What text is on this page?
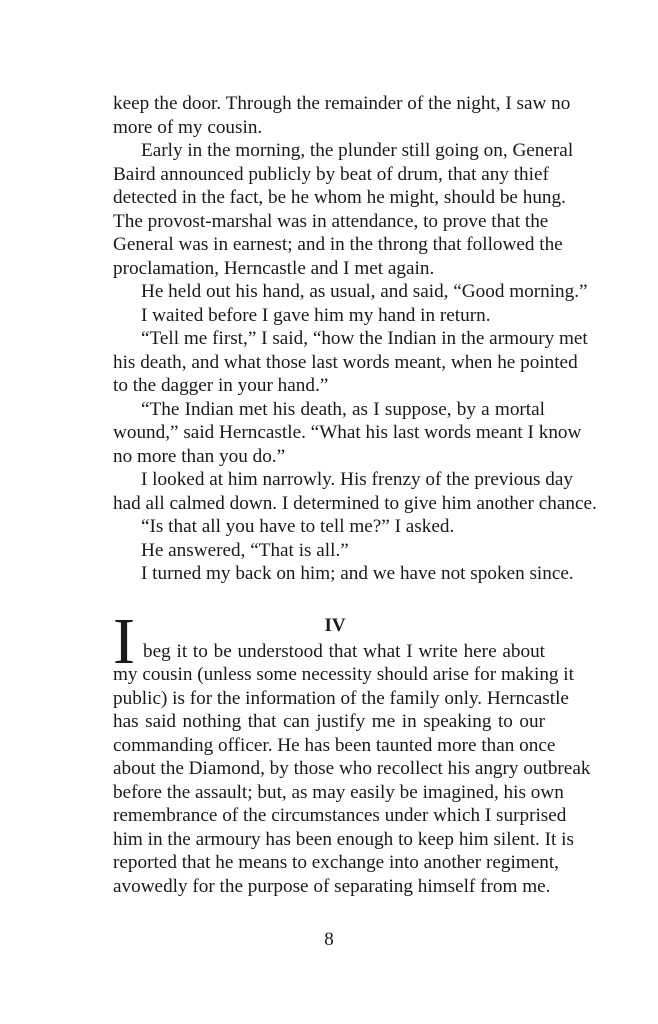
keep the door. Through the remainder of the night, I saw no
more of my cousin.
Early in the morning, the plunder still going on, General
Baird announced publicly by beat of drum, that any thief
detected in the fact, be he whom he might, should be hung.
The provost-marshal was in attendance, to prove that the
General was in earnest; and in the throng that followed the
proclamation, Herncastle and I met again.
He held out his hand, as usual, and said, “Good morning.”
I waited before I gave him my hand in return.
“Tell me first,” I said, “how the Indian in the armoury met
his death, and what those last words meant, when he pointed
to the dagger in your hand.”
“The Indian met his death, as I suppose, by a mortal
wound,” said Herncastle. “What his last words meant I know
no more than you do.”
I looked at him narrowly. His frenzy of the previous day
had all calmed down. I determined to give him another chance.
“Is that all you have to tell me?” I asked.
He answered, “That is all.”
I turned my back on him; and we have not spoken since.
I	IV
beg it to be understood that what I write here about
my cousin (unless some necessity should arise for making it
public) is for the information of the family only. Herncastle
has said nothing that can justify me in speaking to our
commanding officer. He has been taunted more than once
about the Diamond, by those who recollect his angry outbreak
before the assault; but, as may easily be imagined, his own
remembrance of the circumstances under which I surprised
him in the armoury has been enough to keep him silent. It is
reported that he means to exchange into another regiment,
avowedly for the purpose of separating himself from me.
8
